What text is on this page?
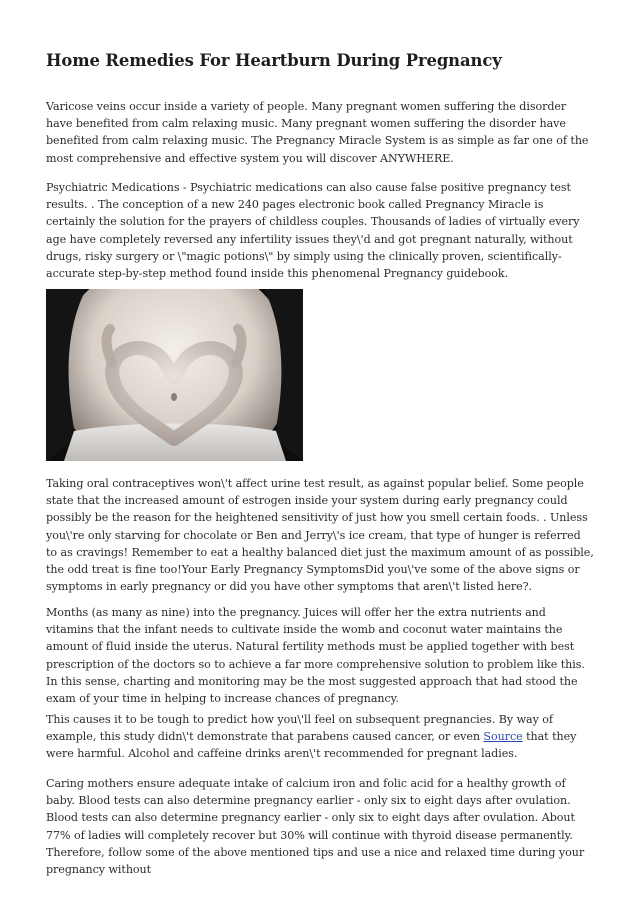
Home Remedies For Heartburn During Pregnancy

Varicose veins occur inside a variety of people. Many pregnant women suffering the disorder have benefited from calm relaxing music. Many pregnant women suffering the disorder have benefited from calm relaxing music. The Pregnancy Miracle System is as simple as far one of the most comprehensive and effective system you will discover ANYWHERE.

Psychiatric Medications - Psychiatric medications can also cause false positive pregnancy test results. . The conception of a new 240 pages electronic book called Pregnancy Miracle is certainly the solution for the prayers of childless couples. Thousands of ladies of virtually every age have completely reversed any infertility issues they\'d and got pregnant naturally, without drugs, risky surgery or \"magic potions\" by simply using the clinically proven, scientifically-accurate step-by-step method found inside this phenomenal Pregnancy guidebook.

Taking oral contraceptives won\'t affect urine test result, as against popular belief. Some people state that the increased amount of estrogen inside your system during early pregnancy could possibly be the reason for the heightened sensitivity of just how you smell certain foods. . Unless you\'re only starving for chocolate or Ben and Jerry\'s ice cream, that type of hunger is referred to as cravings! Remember to eat a healthy balanced diet just the maximum amount of as possible, the odd treat is fine too!Your Early Pregnancy SymptomsDid you\'ve some of the above signs or symptoms in early pregnancy or did you have other symptoms that aren\'t listed here?.

Months (as many as nine) into the pregnancy. Juices will offer her the extra nutrients and vitamins that the infant needs to cultivate inside the womb and coconut water maintains the amount of fluid inside the uterus. Natural fertility methods must be applied together with best prescription of the doctors so to achieve a far more comprehensive solution to problem like this. In this sense, charting and monitoring may be the most suggested approach that had stood the exam of your time in helping to increase chances of pregnancy.

This causes it to be tough to predict how you\'ll feel on subsequent pregnancies. By way of example, this study didn\'t demonstrate that parabens caused cancer, or even Source that they were harmful. Alcohol and caffeine drinks aren\'t recommended for pregnant ladies.

Caring mothers ensure adequate intake of calcium iron and folic acid for a healthy growth of baby. Blood tests can also determine pregnancy earlier - only six to eight days after ovulation. Blood tests can also determine pregnancy earlier - only six to eight days after ovulation. About 77% of ladies will completely recover but 30% will continue with thyroid disease permanently. Therefore, follow some of the above mentioned tips and use a nice and relaxed time during your pregnancy without
